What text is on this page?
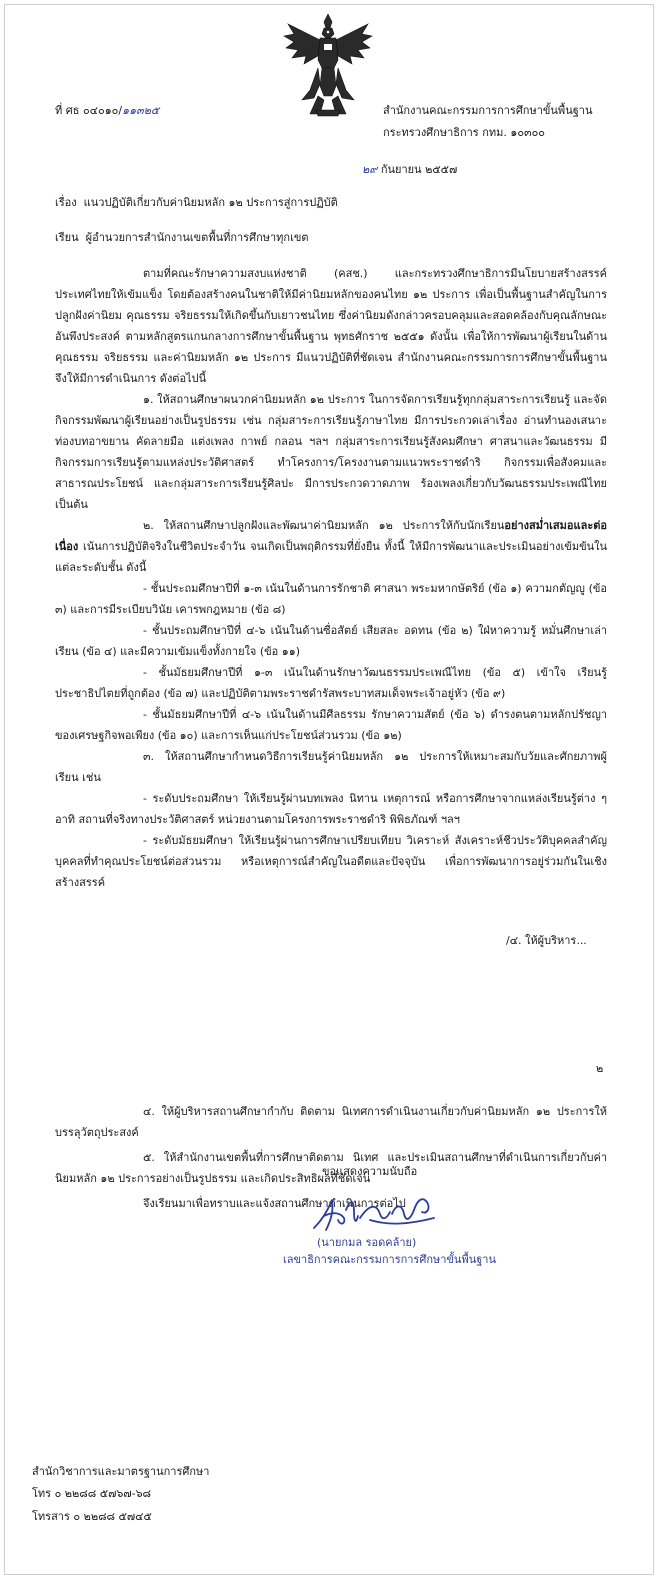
ที่ ศธ ๐๔๐๑๐/๑๑๓๒๕	สำนักงานคณะกรรมการการศึกษาขั้นพื้นฐาน
กระทรวงศึกษาธิการ กทม. ๑๐๓๐๐
๒๙ กันยายน ๒๕๕๗
เรื่อง แนวปฏิบัติเกี่ยวกับค่านิยมหลัก ๑๒ ประการสู่การปฏิบัติ
เรียน ผู้อำนวยการสำนักงานเขตพื้นที่การศึกษาทุกเขต

ตามที่คณะรักษาความสงบแห่งชาติ (คสช.) และกระทรวงศึกษาธิการมีนโยบายสร้างสรรค์ประเทศไทยให้เข้มแข็ง โดยต้องสร้างคนในชาติให้มีค่านิยมหลักของคนไทย ๑๒ ประการ เพื่อเป็นพื้นฐานสำคัญในการปลูกฝังค่านิยม คุณธรรม จริยธรรมให้เกิดขึ้นกับเยาวชนไทย ซึ่งค่านิยมดังกล่าวครอบคลุมและสอดคล้องกับคุณลักษณะอันพึงประสงค์ ตามหลักสูตรแกนกลางการศึกษาขั้นพื้นฐาน พุทธศักราช ๒๕๕๑ ดังนั้น เพื่อให้การพัฒนาผู้เรียนในด้านคุณธรรม จริยธรรม และค่านิยมหลัก ๑๒ ประการ มีแนวปฏิบัติที่ชัดเจน สำนักงานคณะกรรมการการศึกษาขั้นพื้นฐานจึงให้มีการดำเนินการ ดังต่อไปนี้

๑. ให้สถานศึกษาผนวกค่านิยมหลัก ๑๒ ประการ ในการจัดการเรียนรู้ทุกกลุ่มสาระการเรียนรู้ และจัดกิจกรรมพัฒนาผู้เรียนอย่างเป็นรูปธรรม เช่น กลุ่มสาระการเรียนรู้ภาษาไทย มีการประกวดเล่าเรื่อง อ่านทำนองเสนาะ ท่องบทอาขยาน คัดลายมือ แต่งเพลง กาพย์ กลอน ฯลฯ กลุ่มสาระการเรียนรู้สังคมศึกษา ศาสนาและวัฒนธรรม มีกิจกรรมการเรียนรู้ตามแหล่งประวัติศาสตร์ ทำโครงการ/โครงงานตามแนวพระราชดำริ กิจกรรมเพื่อสังคมและสาธารณประโยชน์ และกลุ่มสาระการเรียนรู้ศิลปะ มีการประกวดวาดภาพ ร้องเพลงเกี่ยวกับวัฒนธรรมประเพณีไทย เป็นต้น

๒. ให้สถานศึกษาปลูกฝังและพัฒนาค่านิยมหลัก ๑๒ ประการให้กับนักเรียนอย่างสม่ำเสมอและต่อเนื่อง เน้นการปฏิบัติจริงในชีวิตประจำวัน จนเกิดเป็นพฤติกรรมที่ยั่งยืน ทั้งนี้ ให้มีการพัฒนาและประเมินอย่างเข้มข้นในแต่ละระดับชั้น ดังนี้

- ชั้นประถมศึกษาปีที่ ๑-๓ เน้นในด้านการรักชาติ ศาสนา พระมหากษัตริย์ (ข้อ ๑) ความกตัญญู (ข้อ ๓) และการมีระเบียบวินัย เคารพกฎหมาย (ข้อ ๘)

- ชั้นประถมศึกษาปีที่ ๔-๖ เน้นในด้านซื่อสัตย์ เสียสละ อดทน (ข้อ ๒) ใฝ่หาความรู้ หมั่นศึกษาเล่าเรียน (ข้อ ๔) และมีความเข้มแข็งทั้งกายใจ (ข้อ ๑๑)

- ชั้นมัธยมศึกษาปีที่ ๑-๓ เน้นในด้านรักษาวัฒนธรรมประเพณีไทย (ข้อ ๕) เข้าใจ เรียนรู้ประชาธิปไตยที่ถูกต้อง (ข้อ ๗) และปฏิบัติตามพระราชดำรัสพระบาทสมเด็จพระเจ้าอยู่หัว (ข้อ ๙)

- ชั้นมัธยมศึกษาปีที่ ๔-๖ เน้นในด้านมีศีลธรรม รักษาความสัตย์ (ข้อ ๖) ดำรงตนตามหลักปรัชญาของเศรษฐกิจพอเพียง (ข้อ ๑๐) และการเห็นแก่ประโยชน์ส่วนรวม (ข้อ ๑๒)

๓. ให้สถานศึกษากำหนดวิธีการเรียนรู้ค่านิยมหลัก ๑๒ ประการให้เหมาะสมกับวัยและศักยภาพผู้เรียน เช่น

- ระดับประถมศึกษา ให้เรียนรู้ผ่านบทเพลง นิทาน เหตุการณ์ หรือการศึกษาจากแหล่งเรียนรู้ต่าง ๆ อาทิ สถานที่จริงทางประวัติศาสตร์ หน่วยงานตามโครงการพระราชดำริ พิพิธภัณฑ์ ฯลฯ

- ระดับมัธยมศึกษา ให้เรียนรู้ผ่านการศึกษาเปรียบเทียบ วิเคราะห์ สังเคราะห์ชีวประวัติบุคคลสำคัญ บุคคลที่ทำคุณประโยชน์ต่อส่วนรวม หรือเหตุการณ์สำคัญในอดีตและปัจจุบัน เพื่อการพัฒนาการอยู่ร่วมกันในเชิงสร้างสรรค์

/๔. ให้ผู้บริหาร...
๒

๔. ให้ผู้บริหารสถานศึกษากำกับ ติดตาม นิเทศการดำเนินงานเกี่ยวกับค่านิยมหลัก ๑๒ ประการให้บรรลุวัตถุประสงค์

๕. ให้สำนักงานเขตพื้นที่การศึกษาติดตาม นิเทศ และประเมินสถานศึกษาที่ดำเนินการเกี่ยวกับค่านิยมหลัก ๑๒ ประการอย่างเป็นรูปธรรม และเกิดประสิทธิผลที่ชัดเจน

จึงเรียนมาเพื่อทราบและแจ้งสถานศึกษาดำเนินการต่อไป

ขอแสดงความนับถือ
(นายกมล รอดคล้าย)
เลขาธิการคณะกรรมการการศึกษาขั้นพื้นฐาน
สำนักวิชาการและมาตรฐานการศึกษา
โทร ๐ ๒๒๘๘ ๕๗๖๗-๖๘
โทรสาร ๐ ๒๒๘๘ ๕๗๔๕
